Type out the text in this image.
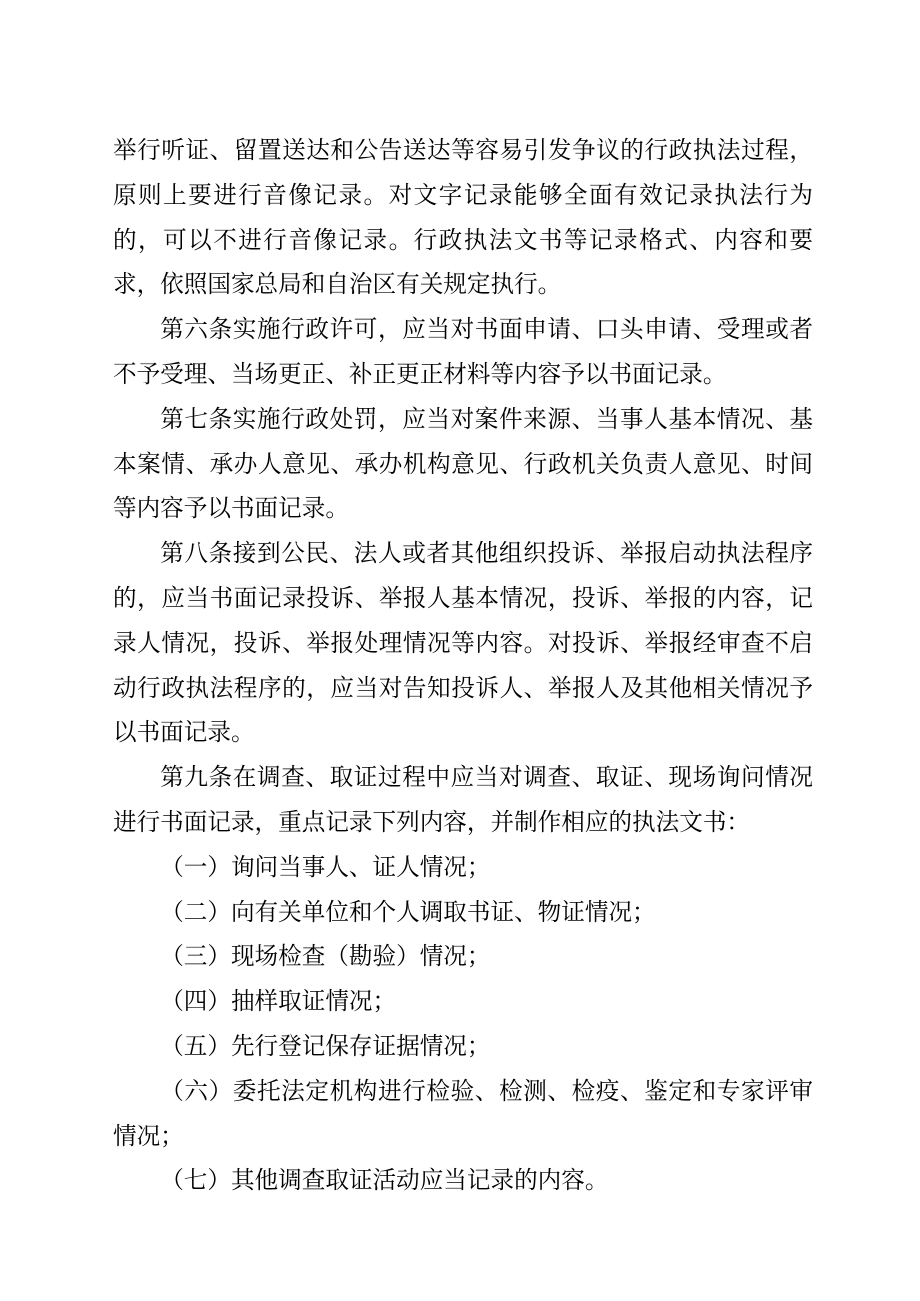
举行听证、留置送达和公告送达等容易引发争议的行政执法过程，原则上要进行音像记录。对文字记录能够全面有效记录执法行为的，可以不进行音像记录。行政执法文书等记录格式、内容和要求，依照国家总局和自治区有关规定执行。

第六条实施行政许可，应当对书面申请、口头申请、受理或者不予受理、当场更正、补正更正材料等内容予以书面记录。

第七条实施行政处罚，应当对案件来源、当事人基本情况、基本案情、承办人意见、承办机构意见、行政机关负责人意见、时间等内容予以书面记录。

第八条接到公民、法人或者其他组织投诉、举报启动执法程序的，应当书面记录投诉、举报人基本情况，投诉、举报的内容，记录人情况，投诉、举报处理情况等内容。对投诉、举报经审查不启动行政执法程序的，应当对告知投诉人、举报人及其他相关情况予以书面记录。

第九条在调查、取证过程中应当对调查、取证、现场询问情况进行书面记录，重点记录下列内容，并制作相应的执法文书：

（一）询问当事人、证人情况；

（二）向有关单位和个人调取书证、物证情况；

（三）现场检查（勘验）情况；

（四）抽样取证情况；

（五）先行登记保存证据情况；

（六）委托法定机构进行检验、检测、检疫、鉴定和专家评审情况；

（七）其他调查取证活动应当记录的内容。
